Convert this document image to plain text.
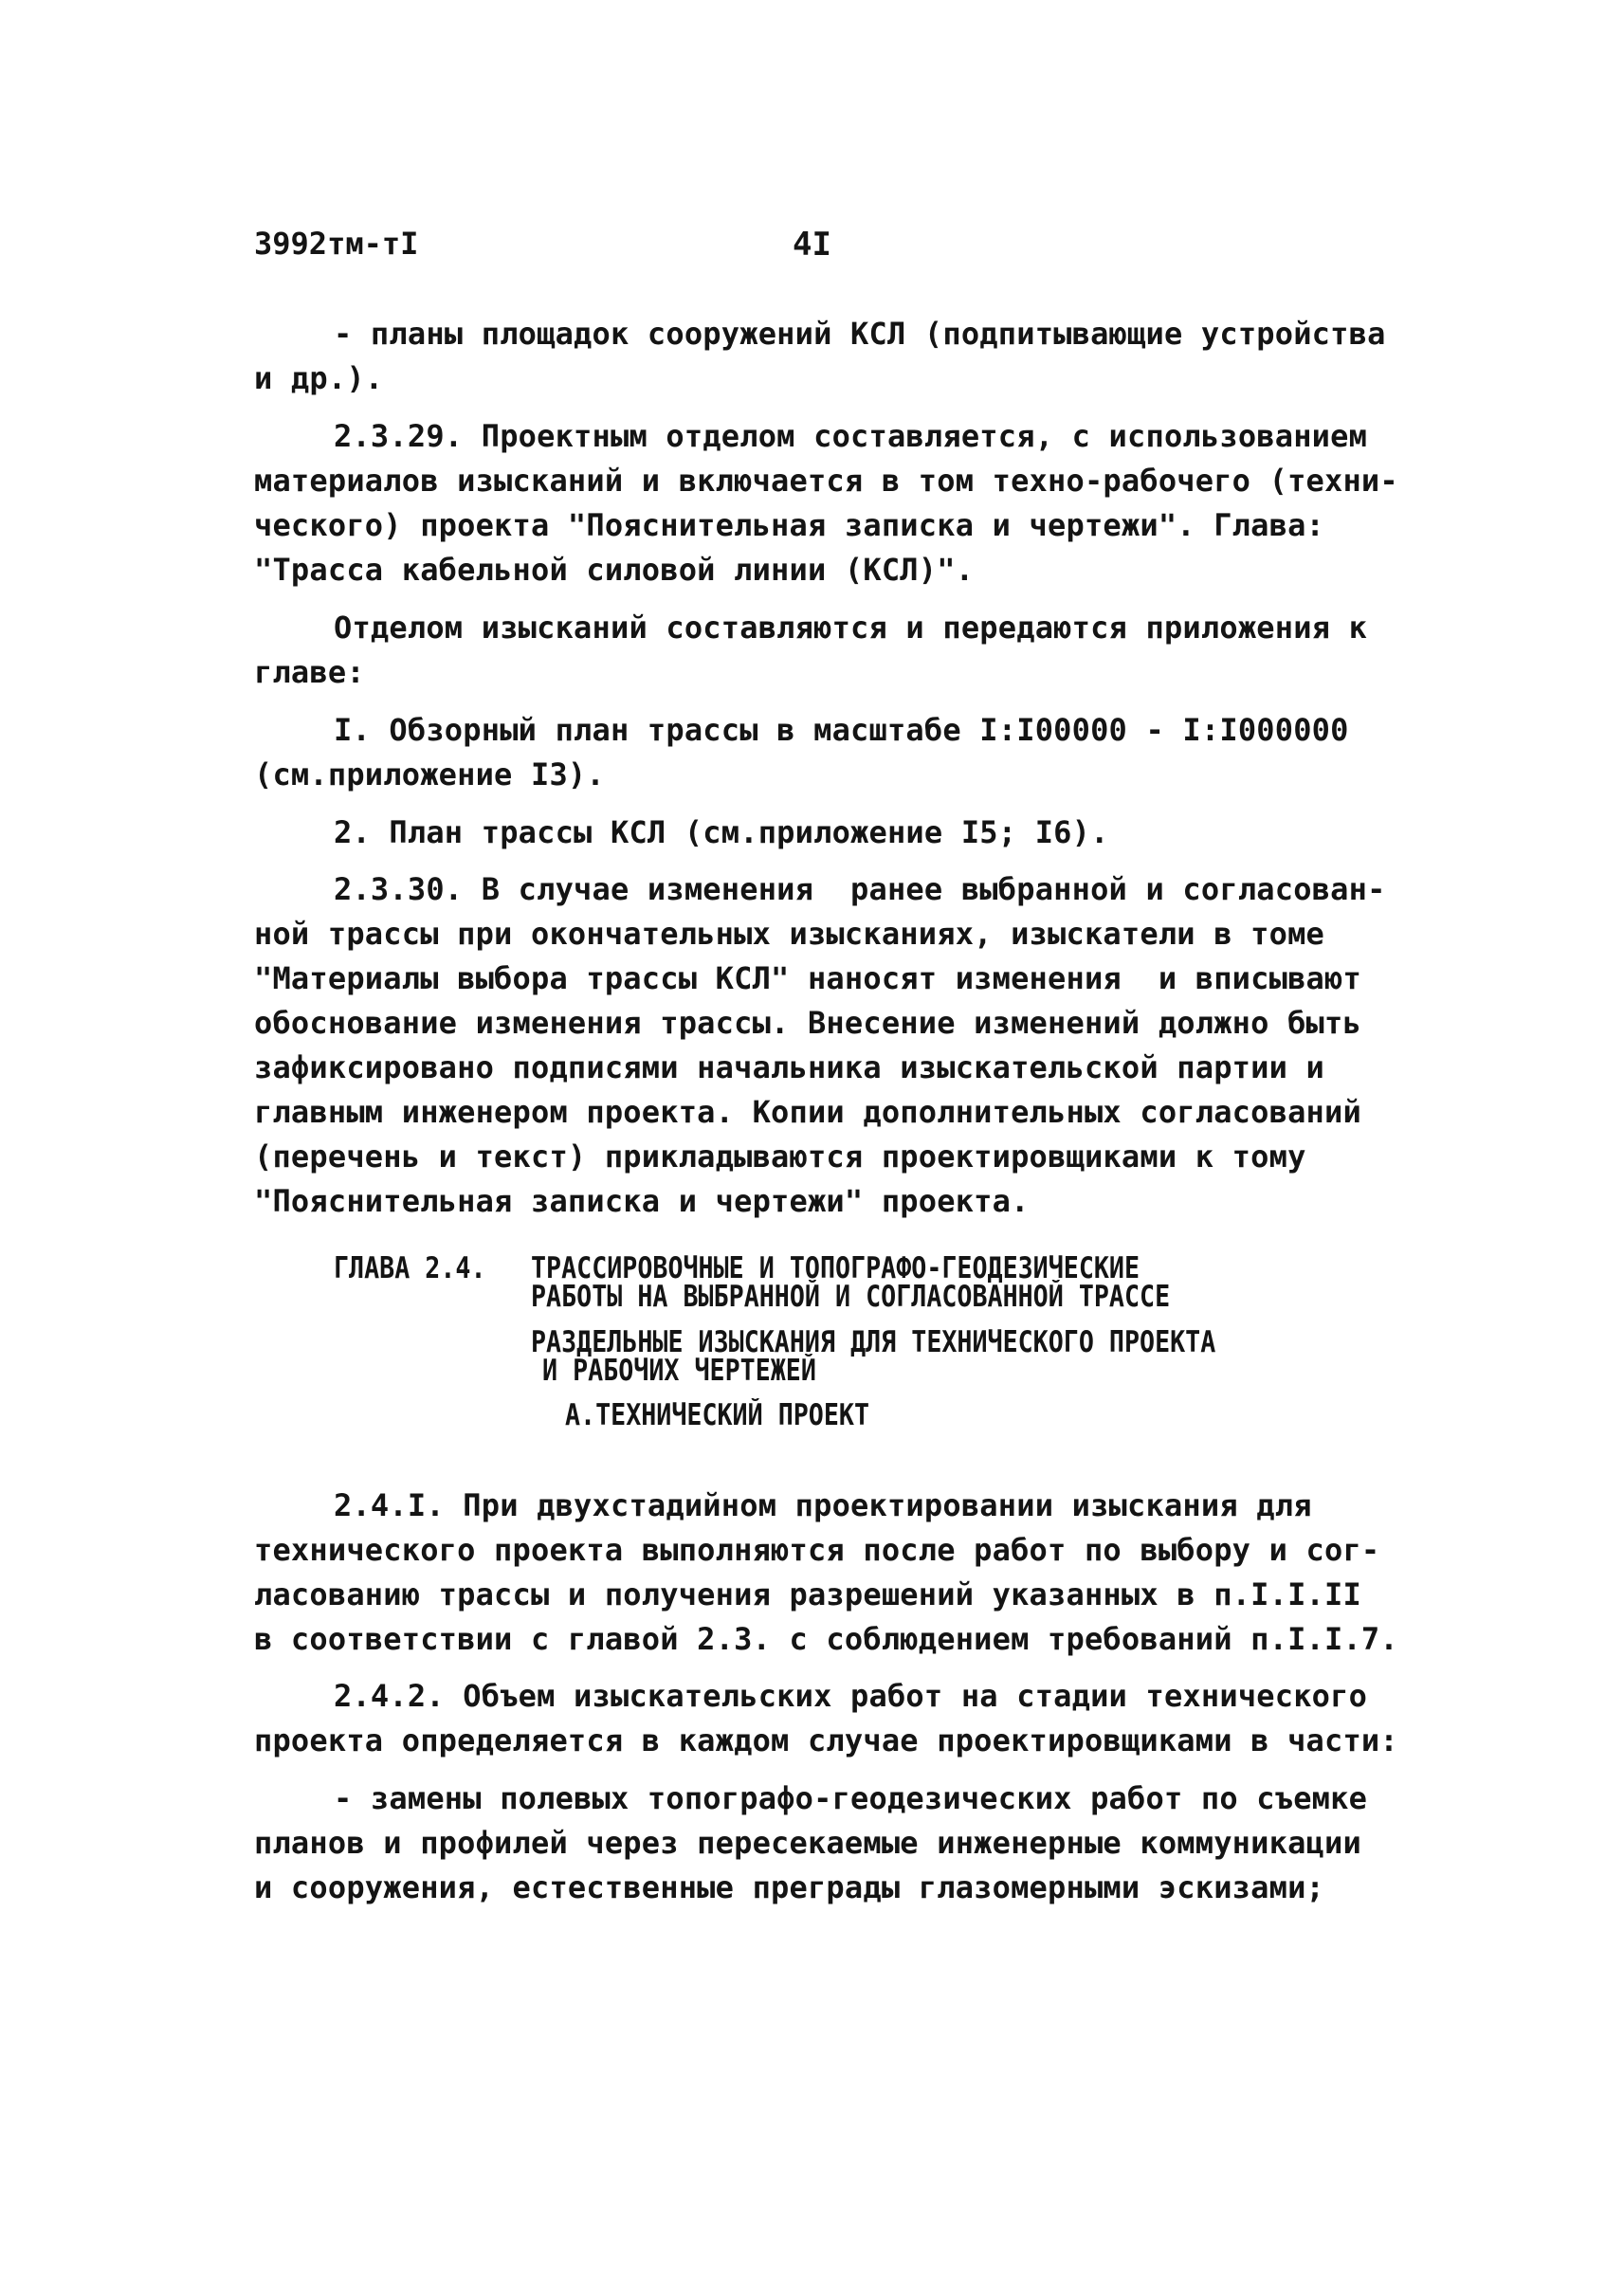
3992тм-тI	4I
- планы площадок сооружений КСЛ (подпитывающие устройства
и др.).
2.3.29. Проектным отделом составляется, с использованием
материалов изысканий и включается в том техно-рабочего (техни-
ческого) проекта "Пояснительная записка и чертежи". Глава:
"Трасса кабельной силовой линии (КСЛ)".
Отделом изысканий составляются и передаются приложения к
главе:
I. Обзорный план трассы в масштабе I:I00000 - I:I000000
(см.приложение I3).
2. План трассы КСЛ (см.приложение I5; I6).
2.3.30. В случае изменения  ранее выбранной и согласован-
ной трассы при окончательных изысканиях, изыскатели в томе
"Материалы выбора трассы КСЛ" наносят изменения  и вписывают
обоснование изменения трассы. Внесение изменений должно быть
зафиксировано подписями начальника изыскательской партии и
главным инженером проекта. Копии дополнительных согласований
(перечень и текст) прикладываются проектировщиками к тому
"Пояснительная записка и чертежи" проекта.
ГЛАВА 2.4. ТРАССИРОВОЧНЫЕ И ТОПОГРАФО-ГЕОДЕЗИЧЕСКИЕ
РАБОТЫ НА ВЫБРАННОЙ И СОГЛАСОВАННОЙ ТРАССЕ
РАЗДЕЛЬНЫЕ ИЗЫСКАНИЯ ДЛЯ ТЕХНИЧЕСКОГО ПРОЕКТА
И РАБОЧИХ ЧЕРТЕЖЕЙ
А.ТЕХНИЧЕСКИЙ ПРОЕКТ
2.4.I. При двухстадийном проектировании изыскания для
технического проекта выполняются после работ по выбору и сог-
ласованию трассы и получения разрешений указанных в п.I.I.II
в соответствии с главой 2.3. с соблюдением требований п.I.I.7.
2.4.2. Объем изыскательских работ на стадии технического
проекта определяется в каждом случае проектировщиками в части:
- замены полевых топографо-геодезических работ по съемке
планов и профилей через пересекаемые инженерные коммуникации
и сооружения, естественные преграды глазомерными эскизами;
